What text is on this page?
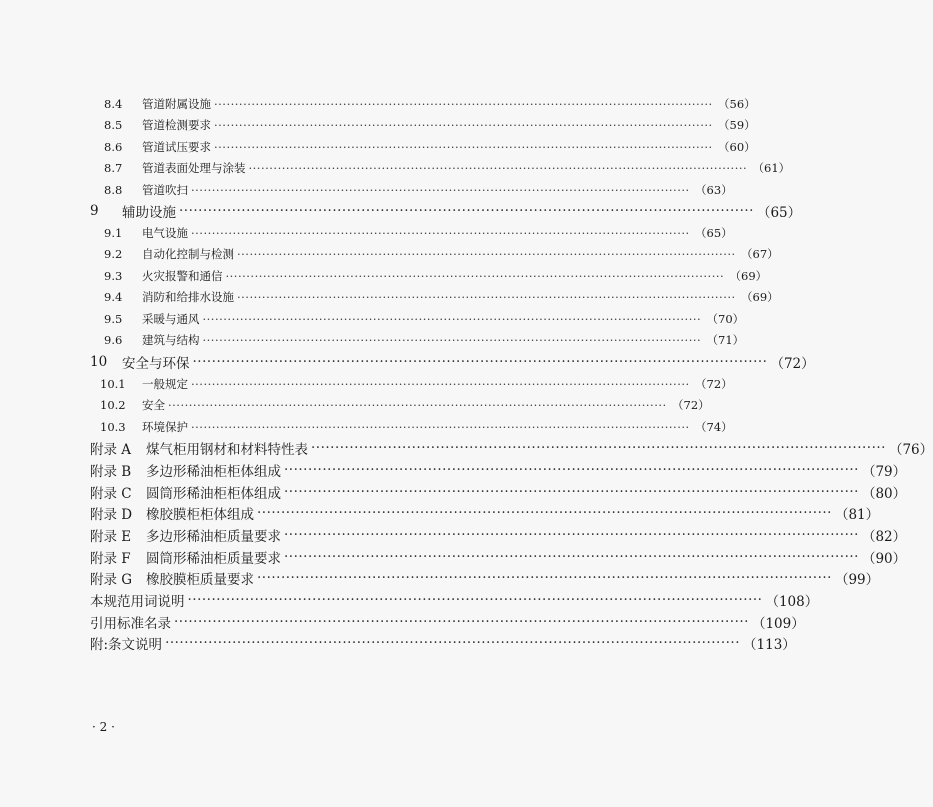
8.4	管道附属设施 ························································································································ （56）
8.5	管道检测要求 ························································································································ （59）
8.6	管道试压要求 ························································································································ （60）
8.7	管道表面处理与涂装 ························································································································ （61）
8.8	管道吹扫 ························································································································ （63）
9	辅助设施 ························································································································ （65）
9.1	电气设施 ························································································································ （65）
9.2	自动化控制与检测 ························································································································ （67）
9.3	火灾报警和通信 ························································································································ （69）
9.4	消防和给排水设施 ························································································································ （69）
9.5	采暖与通风 ························································································································ （70）
9.6	建筑与结构 ························································································································ （71）
10	安全与环保 ························································································································ （72）
10.1	一般规定 ························································································································ （72）
10.2	安全 ························································································································ （72）
10.3	环境保护 ························································································································ （74）
附录 A	煤气柜用钢材和材料特性表 ························································································································ （76）
附录 B	多边形稀油柜柜体组成 ························································································································ （79）
附录 C	圆筒形稀油柜柜体组成 ························································································································ （80）
附录 D	橡胶膜柜柜体组成 ························································································································ （81）
附录 E	多边形稀油柜质量要求 ························································································································ （82）
附录 F	圆筒形稀油柜质量要求 ························································································································ （90）
附录 G	橡胶膜柜质量要求 ························································································································ （99）
本规范用词说明 ························································································································ （108）
引用标准名录 ························································································································ （109）
附:条文说明 ························································································································ （113）
· 2 ·
